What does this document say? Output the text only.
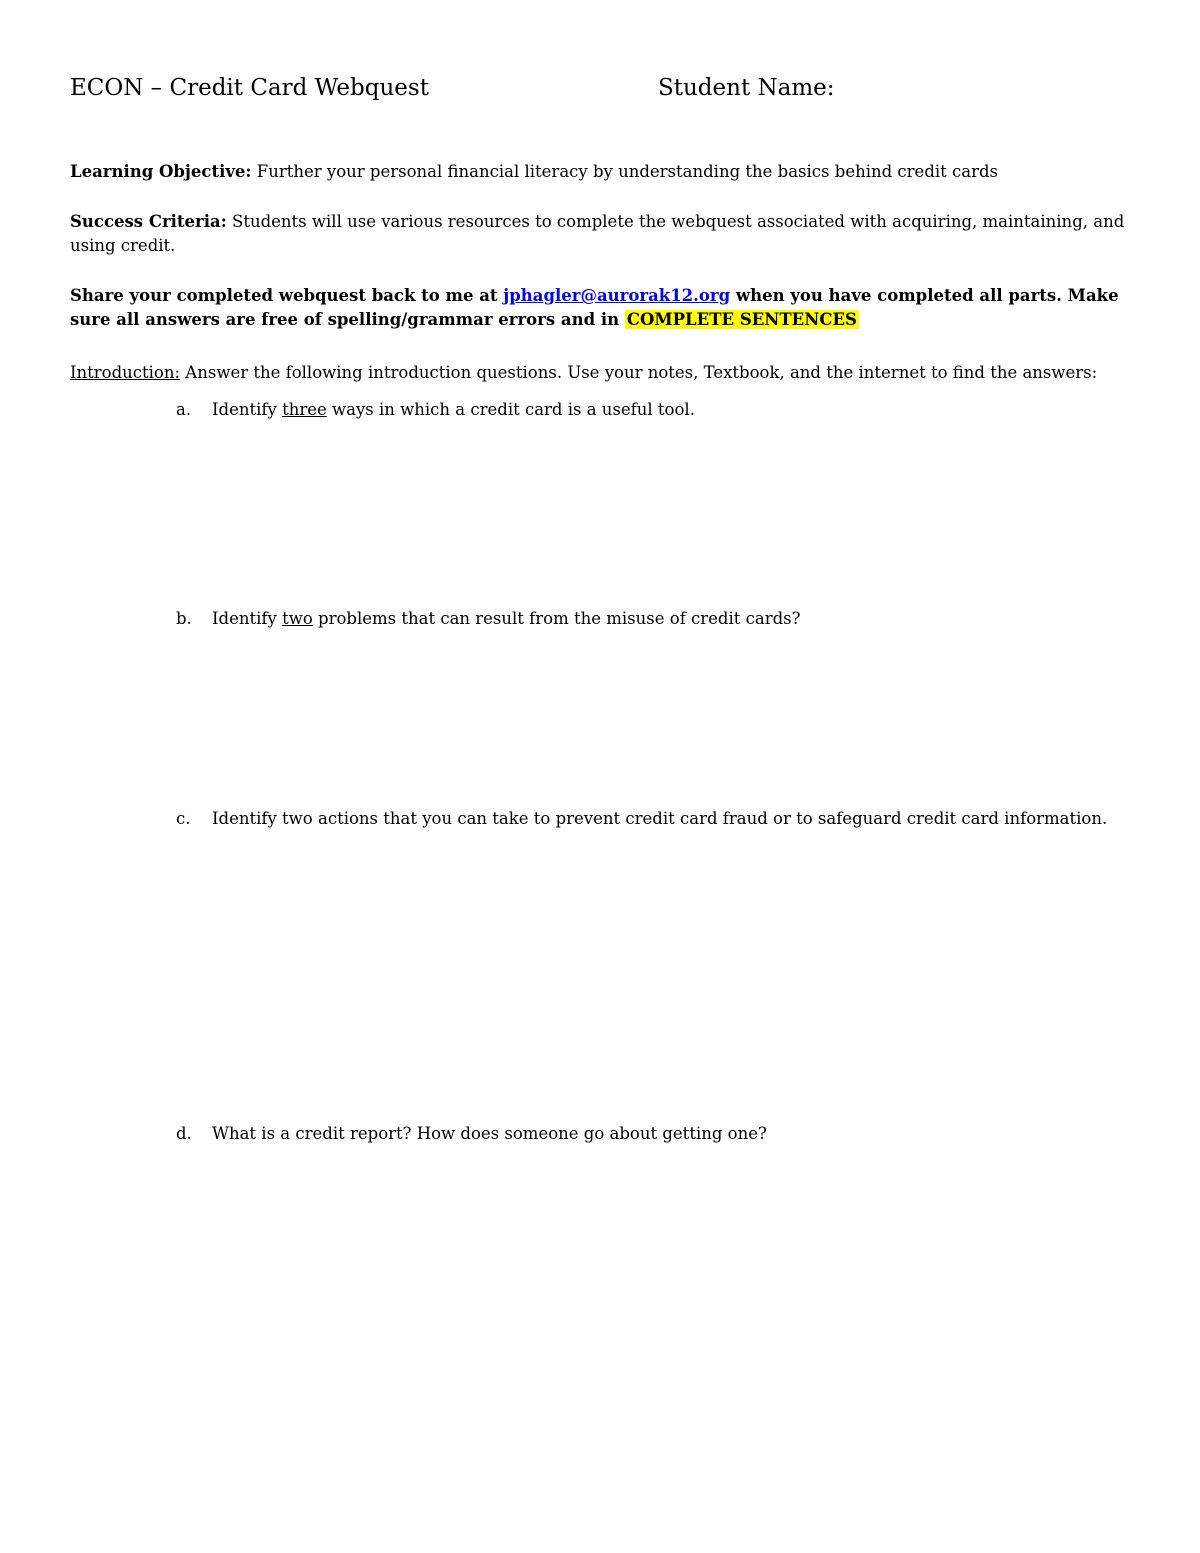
ECON – Credit Card Webquest	Student Name:
Learning Objective: Further your personal financial literacy by understanding the basics behind credit cards
Success Criteria: Students will use various resources to complete the webquest associated with acquiring, maintaining, and using credit.
Share your completed webquest back to me at jphagler@aurorak12.org when you have completed all parts. Make sure all answers are free of spelling/grammar errors and in COMPLETE SENTENCES
Introduction: Answer the following introduction questions. Use your notes, Textbook, and the internet to find the answers:
a. Identify three ways in which a credit card is a useful tool.
b. Identify two problems that can result from the misuse of credit cards?
c. Identify two actions that you can take to prevent credit card fraud or to safeguard credit card information.
d. What is a credit report? How does someone go about getting one?
